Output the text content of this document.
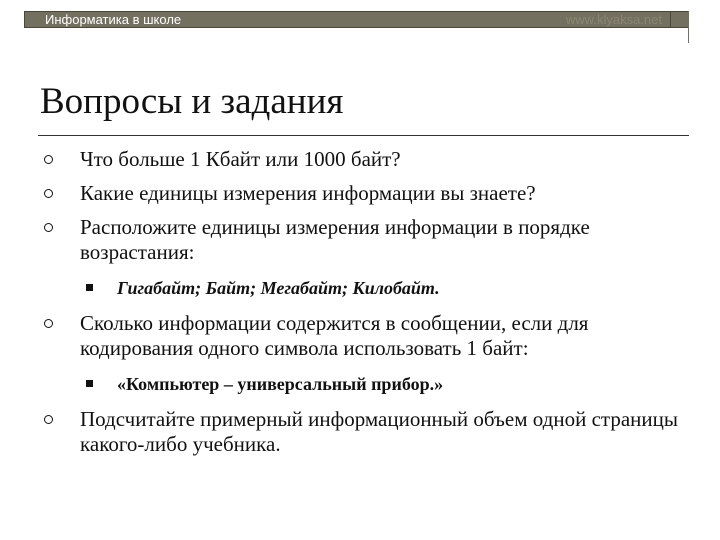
Информатика в школе	www.klyaksa.net
Вопросы и задания
Что больше 1 Кбайт или 1000 байт?
Какие единицы измерения информации вы знаете?
Расположите единицы измерения информации в порядке возрастания:
Гигабайт; Байт; Мегабайт; Килобайт.
Сколько информации содержится в сообщении, если для кодирования одного символа использовать 1 байт:
«Компьютер – универсальный прибор.»
Подсчитайте примерный информационный объем одной страницы какого-либо учебника.
